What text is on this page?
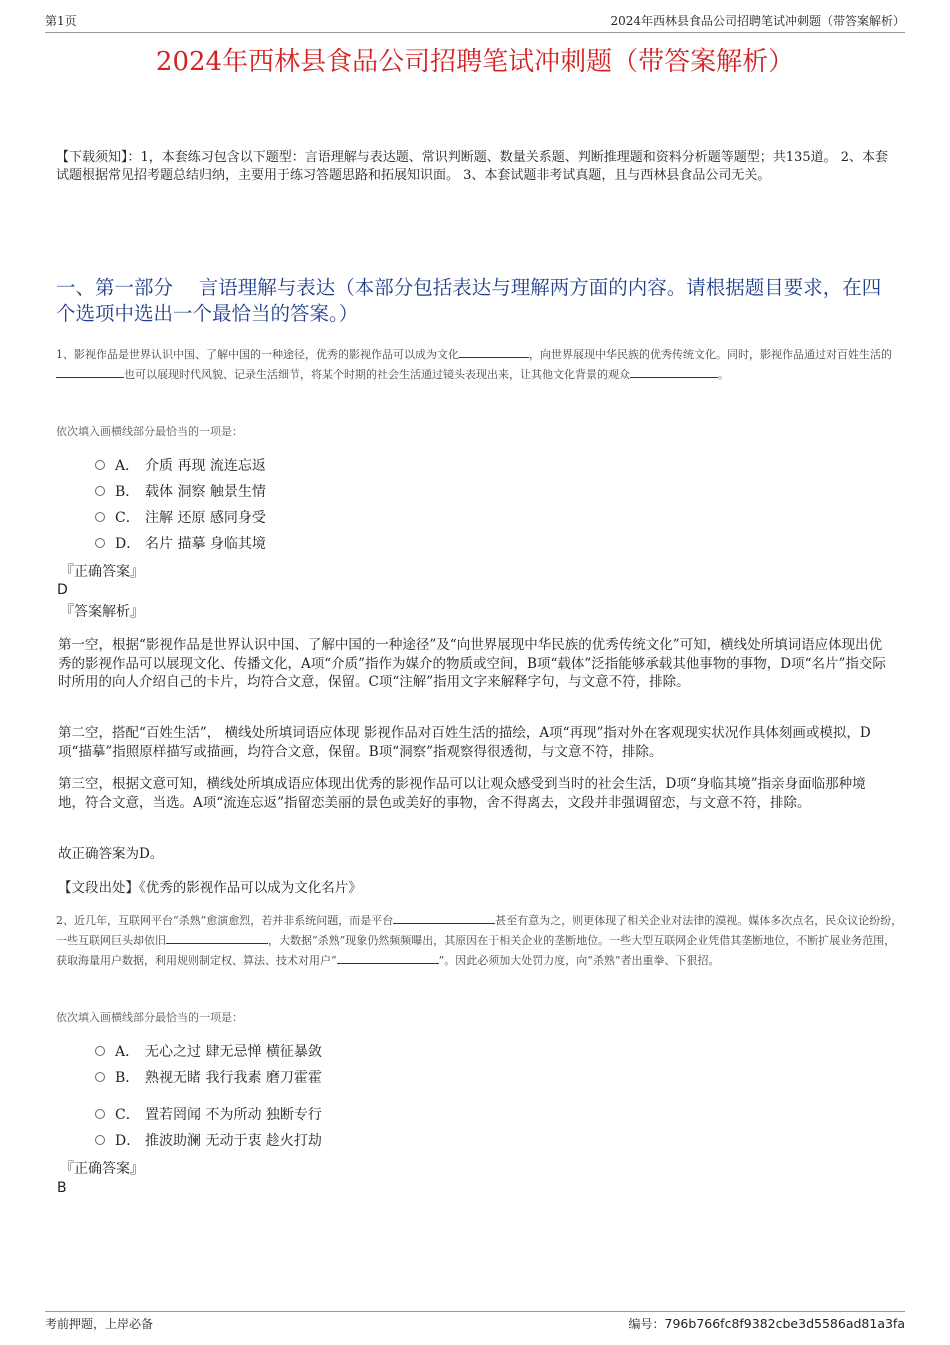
第1页	2024年西林县食品公司招聘笔试冲刺题（带答案解析）
2024年西林县食品公司招聘笔试冲刺题（带答案解析）
【下载须知】：1，本套练习包含以下题型：言语理解与表达题、常识判断题、数量关系题、判断推理题和资料分析题等题型；共135道。 2、本套试题根据常见招考题总结归纳，主要用于练习答题思路和拓展知识面。 3、本套试题非考试真题，且与西林县食品公司无关。
一、第一部分　 言语理解与表达（本部分包括表达与理解两方面的内容。请根据题目要求，在四个选项中选出一个最恰当的答案。）
1、影视作品是世界认识中国、了解中国的一种途径，优秀的影视作品可以成为文化	，向世界展现中华民族的优秀传统文化。同时，影视作品通过对百姓生活的也可以展现时代风貌、记录生活细节，将某个时期的社会生活通过镜头表现出来，让其他文化背景的观众	。
依次填入画横线部分最恰当的一项是：
A． 介质 再现 流连忘返
B． 载体 洞察 触景生情
C． 注解 还原 感同身受
D． 名片 描摹 身临其境
『正确答案』
D
『答案解析』
第一空，根据“影视作品是世界认识中国、了解中国的一种途径”及“向世界展现中华民族的优秀传统文化”可知，横线处所填词语应体现出优秀的影视作品可以展现文化、传播文化，A项“介质”指作为媒介的物质或空间，B项“载体”泛指能够承载其他事物的事物，D项“名片”指交际时所用的向人介绍自己的卡片，均符合文意，保留。C项“注解”指用文字来解释字句，与文意不符，排除。
第二空，搭配“百姓生活”， 横线处所填词语应体现 影视作品对百姓生活的描绘，A项“再现”指对外在客观现实状况作具体刻画或模拟，D项“描摹”指照原样描写或描画，均符合文意，保留。B项“洞察”指观察得很透彻，与文意不符，排除。
第三空，根据文意可知，横线处所填成语应体现出优秀的影视作品可以让观众感受到当时的社会生活，D项“身临其境”指亲身面临那种境地，符合文意，当选。A项“流连忘返”指留恋美丽的景色或美好的事物，舍不得离去，文段并非强调留恋，与文意不符，排除。
故正确答案为D。
【文段出处】《优秀的影视作品可以成为文化名片》
2、近几年，互联网平台“杀熟”愈演愈烈，若并非系统问题，而是平台	甚至有意为之，则更体现了相关企业对法律的漠视。媒体多次点名，民众议论纷纷，一些互联网巨头却依旧	，大数据“杀熟”现象仍然频频曝出，其原因在于相关企业的垄断地位。一些大型互联网企业凭借其垄断地位，不断扩展业务范围，获取海量用户数据，利用规则制定权、算法、技术对用户“	”。因此必须加大处罚力度，向“杀熟”者出重拳、下狠招。
依次填入画横线部分最恰当的一项是：
A． 无心之过 肆无忌惮 横征暴敛
B． 熟视无睹 我行我素 磨刀霍霍
C． 置若罔闻 不为所动 独断专行
D． 推波助澜 无动于衷 趁火打劫
『正确答案』
B
考前押题，上岸必备	编号：796b766fc8f9382cbe3d5586ad81a3fa
